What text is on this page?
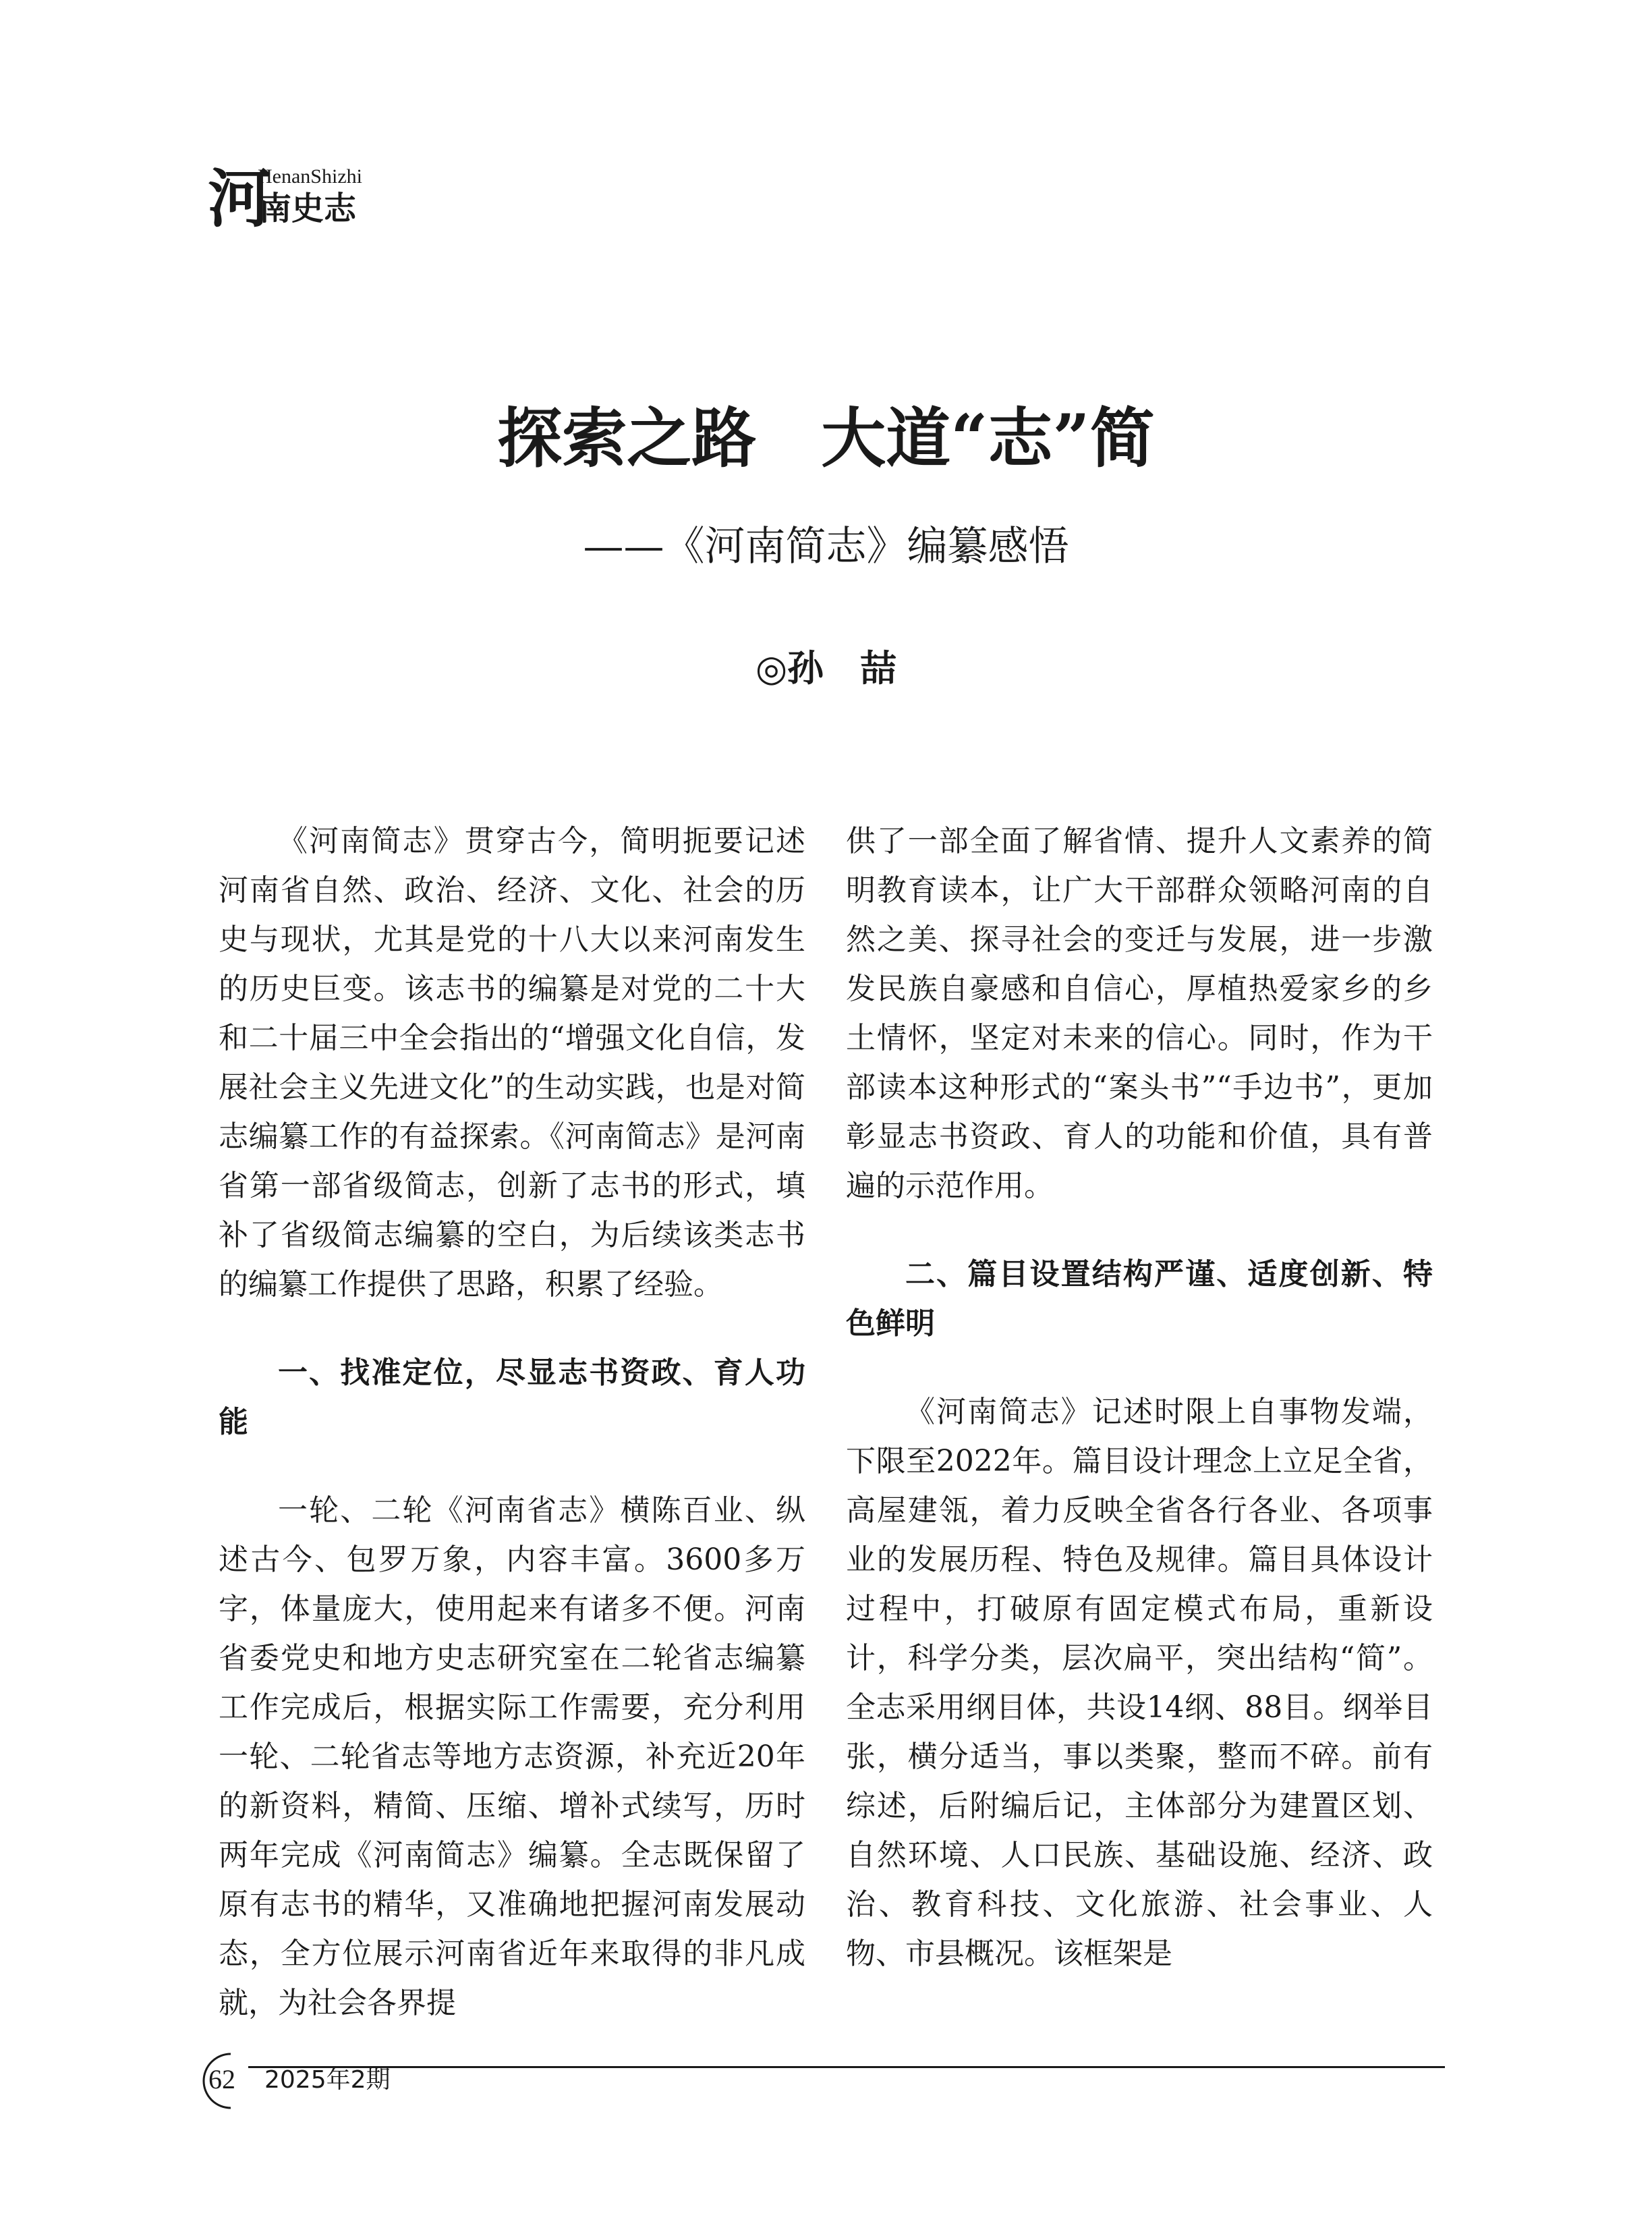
河
HenanShizhi
南史志
探索之路　大道“志”简
——《河南简志》编纂感悟
◎孙　喆

《河南简志》贯穿古今，简明扼要记述河南省自然、政治、经济、文化、社会的历史与现状，尤其是党的十八大以来河南发生的历史巨变。该志书的编纂是对党的二十大和二十届三中全会指出的“增强文化自信，发展社会主义先进文化”的生动实践，也是对简志编纂工作的有益探索。《河南简志》是河南省第一部省级简志，创新了志书的形式，填补了省级简志编纂的空白，为后续该类志书的编纂工作提供了思路，积累了经验。

一、找准定位，尽显志书资政、育人功能

一轮、二轮《河南省志》横陈百业、纵述古今、包罗万象，内容丰富。3600多万字，体量庞大，使用起来有诸多不便。河南省委党史和地方史志研究室在二轮省志编纂工作完成后，根据实际工作需要，充分利用一轮、二轮省志等地方志资源，补充近20年的新资料，精简、压缩、增补式续写，历时两年完成《河南简志》编纂。全志既保留了原有志书的精华，又准确地把握河南发展动态，全方位展示河南省近年来取得的非凡成就，为社会各界提

供了一部全面了解省情、提升人文素养的简明教育读本，让广大干部群众领略河南的自然之美、探寻社会的变迁与发展，进一步激发民族自豪感和自信心，厚植热爱家乡的乡土情怀，坚定对未来的信心。同时，作为干部读本这种形式的“案头书”“手边书”，更加彰显志书资政、育人的功能和价值，具有普遍的示范作用。

二、篇目设置结构严谨、适度创新、特色鲜明

《河南简志》记述时限上自事物发端，下限至2022年。篇目设计理念上立足全省，高屋建瓴，着力反映全省各行各业、各项事业的发展历程、特色及规律。篇目具体设计过程中，打破原有固定模式布局，重新设计，科学分类，层次扁平，突出结构“简”。全志采用纲目体，共设14纲、88目。纲举目张，横分适当，事以类聚，整而不碎。前有综述，后附编后记，主体部分为建置区划、自然环境、人口民族、基础设施、经济、政治、教育科技、文化旅游、社会事业、人物、市县概况。该框架是

62	2025年2期
